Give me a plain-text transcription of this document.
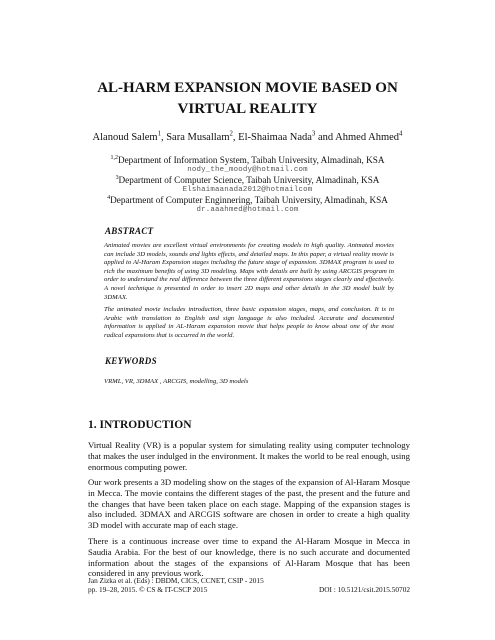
AL-HARM EXPANSION MOVIE BASED ON
VIRTUAL REALITY
Alanoud Salem$^1$, Sara Musallam$^2$, El-Shaimaa Nada$^3$ and Ahmed Ahmed$^4$
$^{1,2}$Department of Information System, Taibah University, Almadinah, KSA
nody_the_moody@hotmail.com
$^3$Department of Computer Science, Taibah University, Almadinah, KSA
Elshaimaanada2012@hotmailcom
$^4$Department of Computer Enginnering, Taibah University, Almadinah, KSA
dr.aaahmed@hotmail.com
ABSTRACT
Animated movies are excellent virtual environments for creating models in high quality. Animated movies can include 3D models, sounds and lights effects, and detailed maps. In this paper, a virtual reality movie is applied to Al-Haram Expansion stages including the future stage of expansion. 3DMAX program is used to rich the maximum benefits of using 3D modeling. Maps with details are built by using ARCGIS program in order to understand the real difference between the three different expansions stages clearly and effectively. A novel technique is presented in order to insert 2D maps and other details in the 3D model built by 3DMAX.
The animated movie includes introduction, three basic expansion stages, maps, and conclusion. It is in Arabic with translation to English and sign language is also included. Accurate and documented information is applied in AL-Haram expansion movie that helps people to know about one of the most radical expansions that is occurred in the world.
KEYWORDS
VRML, VR, 3DMAX , ARCGIS, modelling, 3D models
1. INTRODUCTION
Virtual Reality (VR) is a popular system for simulating reality using computer technology that makes the user indulged in the environment. It makes the world to be real enough, using enormous computing power.
Our work presents a 3D modeling show on the stages of the expansion of Al-Haram Mosque in Mecca. The movie contains the different stages of the past, the present and the future and the changes that have been taken place on each stage. Mapping of the expansion stages is also included. 3DMAX and ARCGIS software are chosen in order to create a high quality 3D model with accurate map of each stage.
There is a continuous increase over time to expand the Al-Haram Mosque in Mecca in Saudia Arabia. For the best of our knowledge, there is no such accurate and documented information about the stages of the expansions of Al-Haram Mosque that has been considered in any previous work.
Jan Zizka et al. (Eds) : DBDM, CICS, CCNET, CSIP - 2015
pp. 19–28, 2015. © CS & IT-CSCP 2015	DOI : 10.5121/csit.2015.50702
